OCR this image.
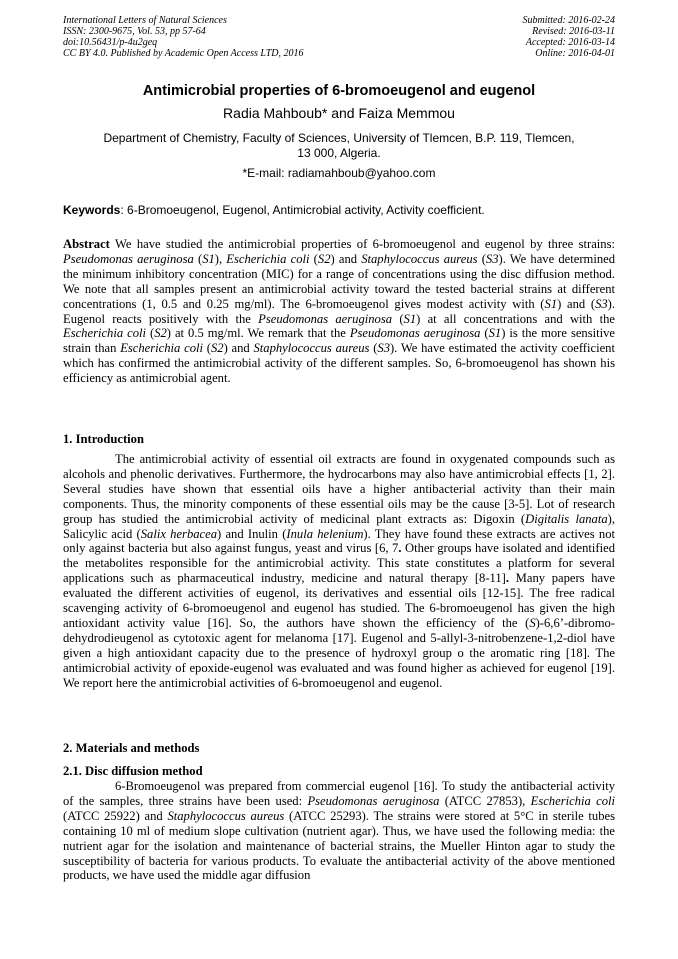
International Letters of Natural Sciences
ISSN: 2300-9675, Vol. 53, pp 57-64
doi:10.56431/p-4u2geq
CC BY 4.0. Published by Academic Open Access LTD, 2016
Submitted: 2016-02-24
Revised: 2016-03-11
Accepted: 2016-03-14
Online: 2016-04-01
Antimicrobial properties of 6-bromoeugenol and eugenol
Radia Mahboub* and Faiza Memmou
Department of Chemistry, Faculty of Sciences, University of Tlemcen, B.P. 119, Tlemcen,
13 000, Algeria.
*E-mail: radiamahboub@yahoo.com
Keywords: 6-Bromoeugenol, Eugenol, Antimicrobial activity, Activity coefficient.
Abstract We have studied the antimicrobial properties of 6-bromoeugenol and eugenol by three strains: Pseudomonas aeruginosa (S1), Escherichia coli (S2) and Staphylococcus aureus (S3). We have determined the minimum inhibitory concentration (MIC) for a range of concentrations using the disc diffusion method. We note that all samples present an antimicrobial activity toward the tested bacterial strains at different concentrations (1, 0.5 and 0.25 mg/ml). The 6-bromoeugenol gives modest activity with (S1) and (S3). Eugenol reacts positively with the Pseudomonas aeruginosa (S1) at all concentrations and with the Escherichia coli (S2) at 0.5 mg/ml. We remark that the Pseudomonas aeruginosa (S1) is the more sensitive strain than Escherichia coli (S2) and Staphylococcus aureus (S3). We have estimated the activity coefficient which has confirmed the antimicrobial activity of the different samples. So, 6-bromoeugenol has shown his efficiency as antimicrobial agent.
1. Introduction

The antimicrobial activity of essential oil extracts are found in oxygenated compounds such as alcohols and phenolic derivatives. Furthermore, the hydrocarbons may also have antimicrobial effects [1, 2]. Several studies have shown that essential oils have a higher antibacterial activity than their main components. Thus, the minority components of these essential oils may be the cause [3-5]. Lot of research group has studied the antimicrobial activity of medicinal plant extracts as: Digoxin (Digitalis lanata), Salicylic acid (Salix herbacea) and Inulin (Inula helenium). They have found these extracts are actives not only against bacteria but also against fungus, yeast and virus [6, 7. Other groups have isolated and identified the metabolites responsible for the antimicrobial activity. This state constitutes a platform for several applications such as pharmaceutical industry, medicine and natural therapy [8-11]. Many papers have evaluated the different activities of eugenol, its derivatives and essential oils [12-15]. The free radical scavenging activity of 6-bromoeugenol and eugenol has studied. The 6-bromoeugenol has given the high antioxidant activity value [16]. So, the authors have shown the efficiency of the (S)-6,6’-dibromo-dehydrodieugenol as cytotoxic agent for melanoma [17]. Eugenol and 5-allyl-3-nitrobenzene-1,2-diol have given a high antioxidant capacity due to the presence of hydroxyl group o the aromatic ring [18]. The antimicrobial activity of epoxide-eugenol was evaluated and was found higher as achieved for eugenol [19]. We report here the antimicrobial activities of 6-bromoeugenol and eugenol.

2. Materials and methods
2.1. Disc diffusion method

6-Bromoeugenol was prepared from commercial eugenol [16]. To study the antibacterial activity of the samples, three strains have been used: Pseudomonas aeruginosa (ATCC 27853), Escherichia coli (ATCC 25922) and Staphylococcus aureus (ATCC 25293). The strains were stored at 5°C in sterile tubes containing 10 ml of medium slope cultivation (nutrient agar). Thus, we have used the following media: the nutrient agar for the isolation and maintenance of bacterial strains, the Mueller Hinton agar to study the susceptibility of bacteria for various products. To evaluate the antibacterial activity of the above mentioned products, we have used the middle agar diffusion
